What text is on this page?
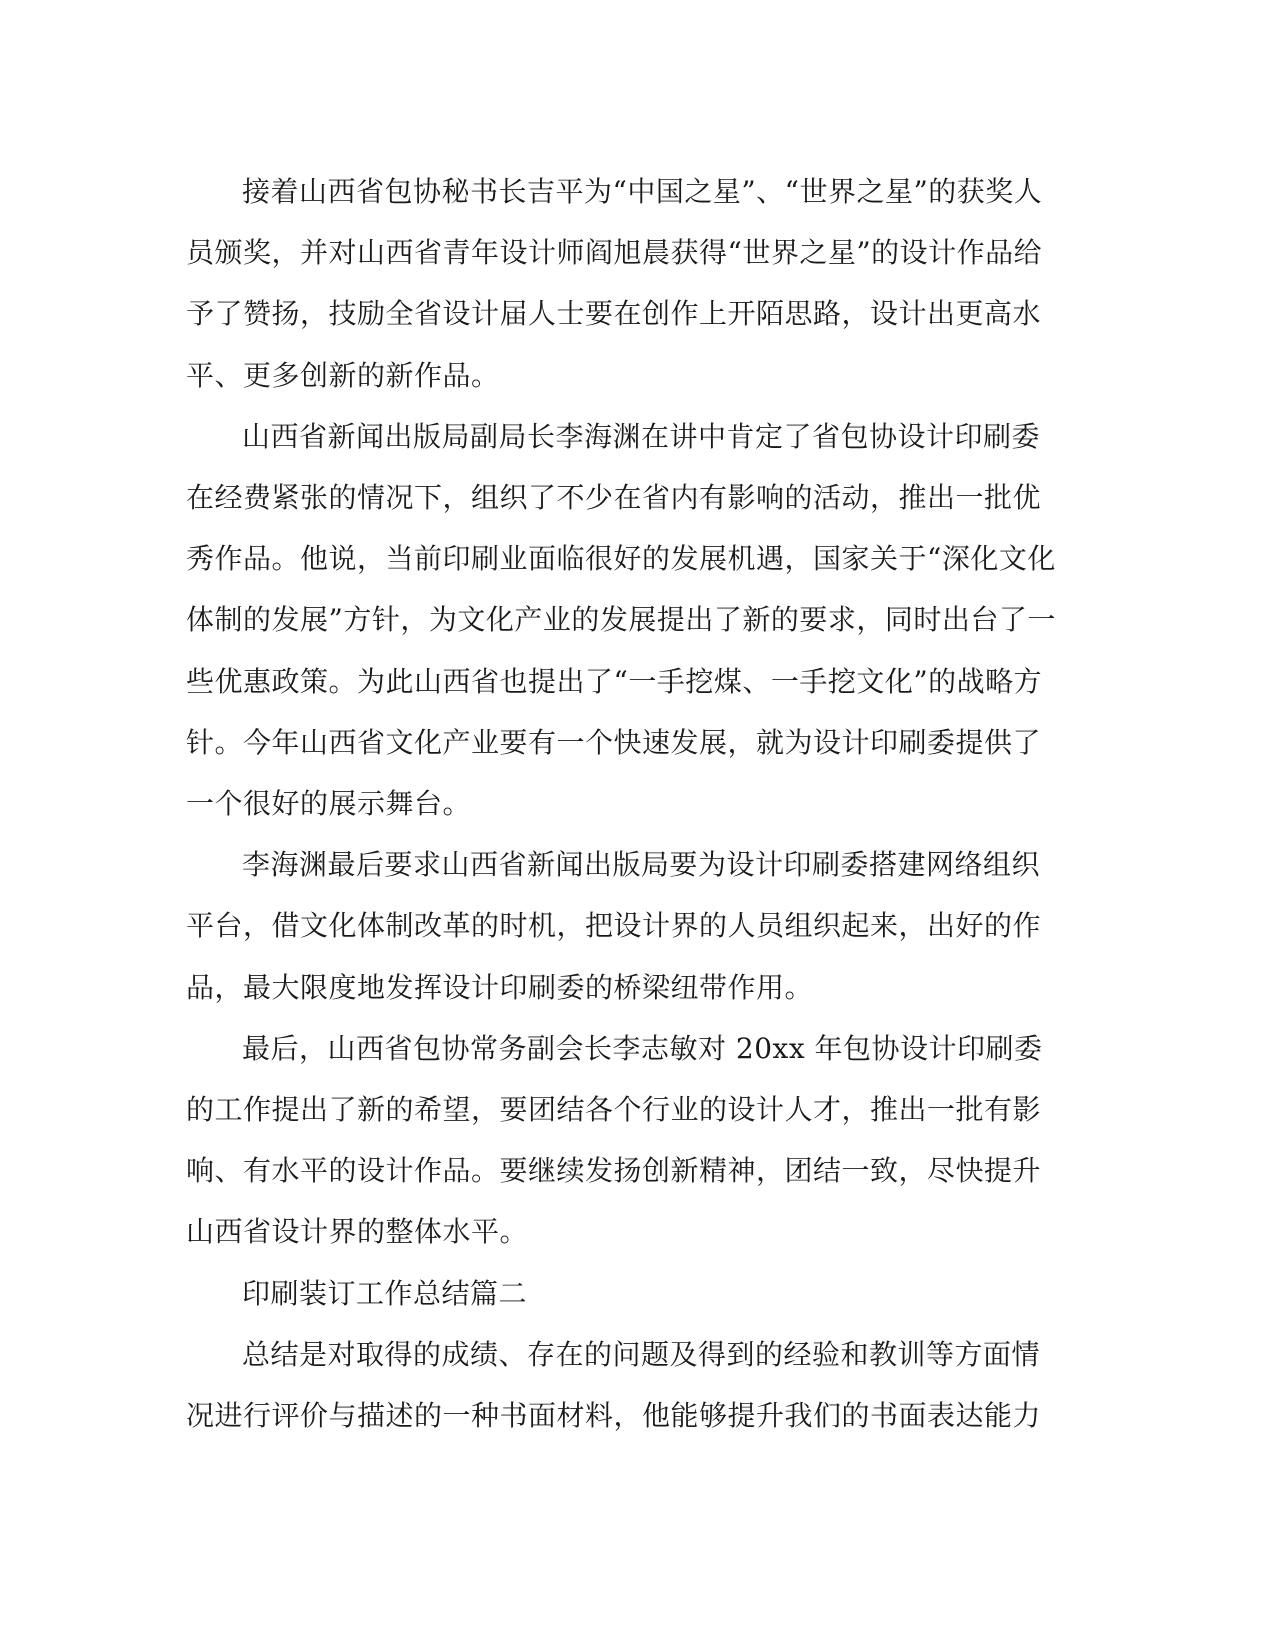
接着山西省包协秘书长吉平为“中国之星”、“世界之星”的获奖人
员颁奖，并对山西省青年设计师阎旭晨获得“世界之星”的设计作品给
予了赞扬，技励全省设计届人士要在创作上开陌思路，设计出更高水
平、更多创新的新作品。

山西省新闻出版局副局长李海渊在讲中肯定了省包协设计印刷委
在经费紧张的情况下，组织了不少在省内有影响的活动，推出一批优
秀作品。他说，当前印刷业面临很好的发展机遇，国家关于“深化文化
体制的发展”方针，为文化产业的发展提出了新的要求，同时出台了一
些优惠政策。为此山西省也提出了“一手挖煤、一手挖文化”的战略方
针。今年山西省文化产业要有一个快速发展，就为设计印刷委提供了
一个很好的展示舞台。

李海渊最后要求山西省新闻出版局要为设计印刷委搭建网络组织
平台，借文化体制改革的时机，把设计界的人员组织起来，出好的作
品，最大限度地发挥设计印刷委的桥梁纽带作用。

最后，山西省包协常务副会长李志敏对 20xx 年包协设计印刷委
的工作提出了新的希望，要团结各个行业的设计人才，推出一批有影
响、有水平的设计作品。要继续发扬创新精神，团结一致，尽快提升
山西省设计界的整体水平。

印刷装订工作总结篇二

总结是对取得的成绩、存在的问题及得到的经验和教训等方面情
况进行评价与描述的一种书面材料，他能够提升我们的书面表达能力
